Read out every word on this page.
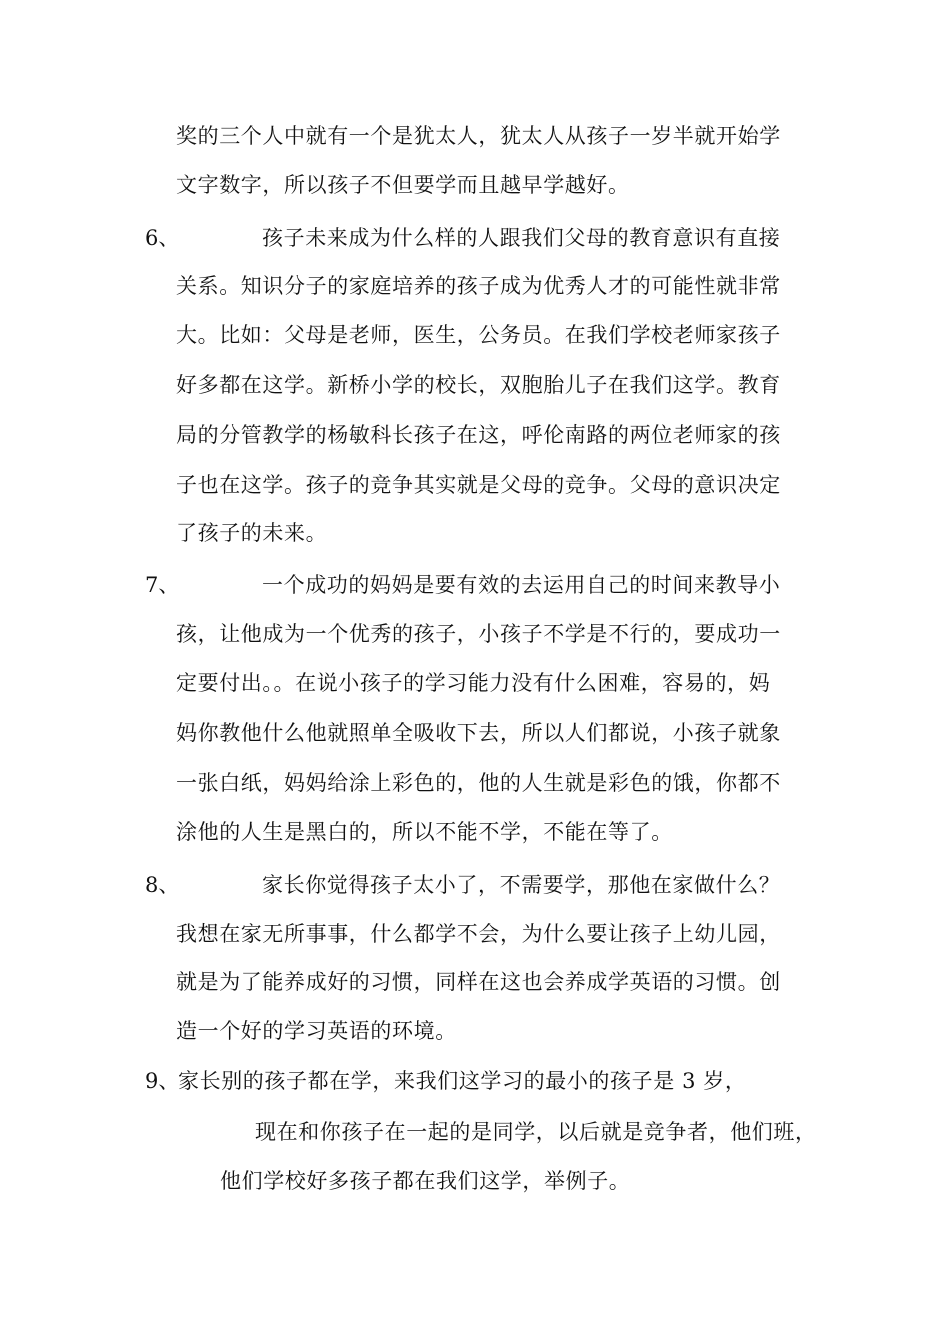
奖的三个人中就有一个是犹太人，犹太人从孩子一岁半就开始学
文字数字，所以孩子不但要学而且越早学越好。
6、	孩子未来成为什么样的人跟我们父母的教育意识有直接
关系。知识分子的家庭培养的孩子成为优秀人才的可能性就非常
大。比如：父母是老师，医生，公务员。在我们学校老师家孩子
好多都在这学。新桥小学的校长，双胞胎儿子在我们这学。教育
局的分管教学的杨敏科长孩子在这，呼伦南路的两位老师家的孩
子也在这学。孩子的竞争其实就是父母的竞争。父母的意识决定
了孩子的未来。
7、	一个成功的妈妈是要有效的去运用自己的时间来教导小
孩，让他成为一个优秀的孩子，小孩子不学是不行的，要成功一
定要付出。。在说小孩子的学习能力没有什么困难，容易的，妈
妈你教他什么他就照单全吸收下去，所以人们都说，小孩子就象
一张白纸，妈妈给涂上彩色的，他的人生就是彩色的饿，你都不
涂他的人生是黑白的，所以不能不学，不能在等了。
8、	家长你觉得孩子太小了，不需要学，那他在家做什么？
我想在家无所事事，什么都学不会，为什么要让孩子上幼儿园，
就是为了能养成好的习惯，同样在这也会养成学英语的习惯。创
造一个好的学习英语的环境。
9、
家长别的孩子都在学，来我们这学习的最小的孩子是 3 岁，
现在和你孩子在一起的是同学，以后就是竞争者，他们班，
他们学校好多孩子都在我们这学，举例子。
